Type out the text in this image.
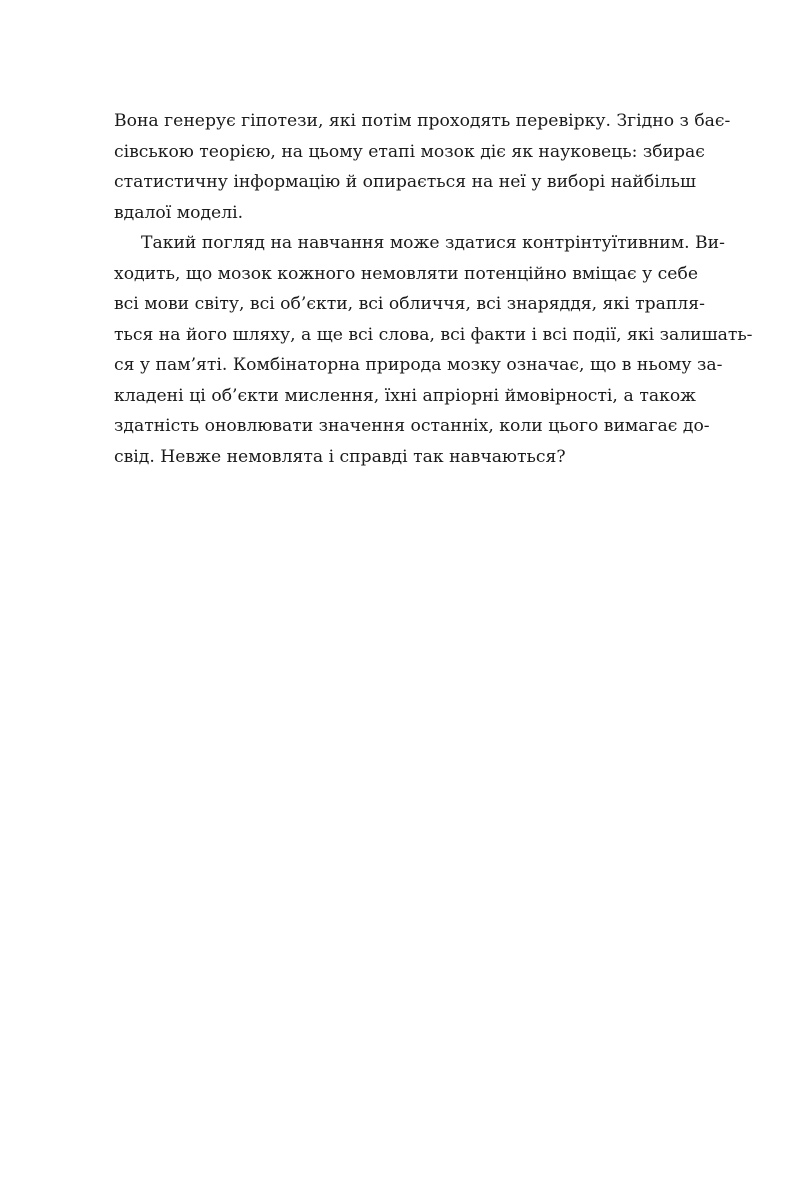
Вона генерує гіпотези, які потім проходять перевірку. Згідно з бає-
сівською теорією, на цьому етапі мозок діє як науковець: збирає
статистичну інформацію й опирається на неї у виборі найбільш
вдалої моделі.

Такий погляд на навчання може здатися контрінтуїтивним. Ви-
ходить, що мозок кожного немовляти потенційно вміщає у себе
всі мови світу, всі об’єкти, всі обличчя, всі знаряддя, які трапля-
ться на його шляху, а ще всі слова, всі факти і всі події, які залишать-
ся у пам’яті. Комбінаторна природа мозку означає, що в ньому за-
кладені ці об’єкти мислення, їхні апріорні ймовірності, а також
здатність оновлювати значення останніх, коли цього вимагає до-
свід. Невже немовлята і справді так навчаються?
